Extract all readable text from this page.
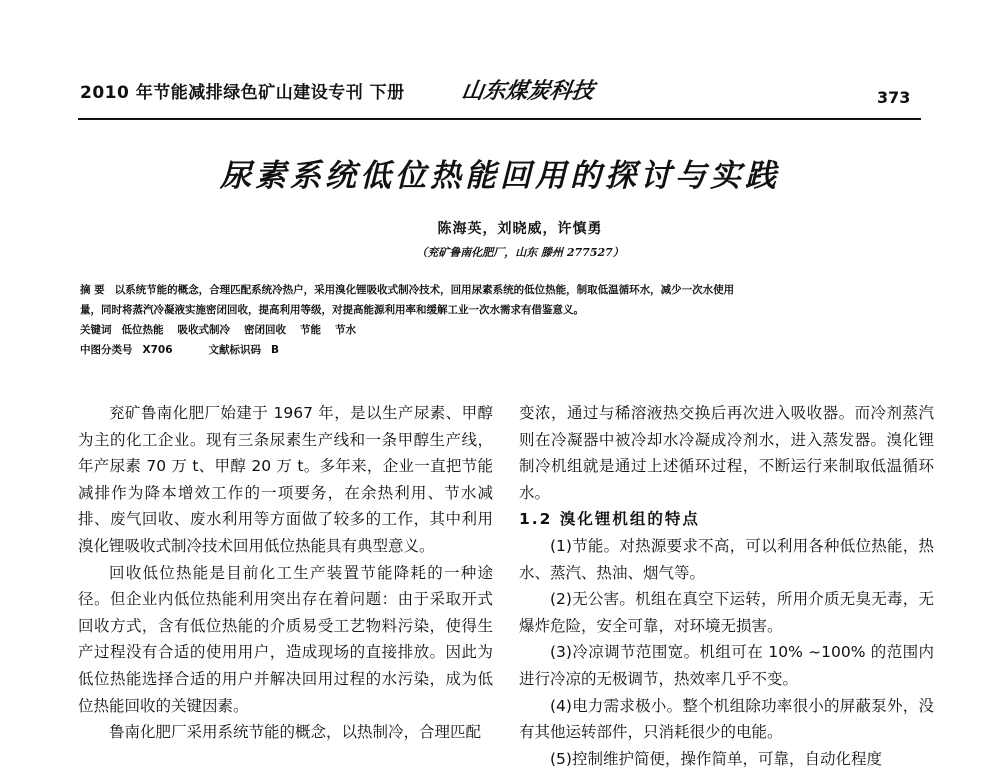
2010 年节能减排绿色矿山建设专刊 下册	山东煤炭科技	373
尿素系统低位热能回用的探讨与实践
陈海英，刘晓威，许慎勇
（兖矿鲁南化肥厂，山东 滕州 277527）
摘 要 以系统节能的概念，合理匹配系统冷热户，采用溴化锂吸收式制冷技术，回用尿素系统的低位热能，制取低温循环水，减少一次水使用
量，同时将蒸汽冷凝液实施密闭回收，提高利用等级，对提高能源利用率和缓解工业一次水需求有借鉴意义。
关键词 低位热能 吸收式制冷 密闭回收 节能 节水
中图分类号 X706	文献标识码 B

兖矿鲁南化肥厂始建于 1967 年，是以生产尿素、甲醇为主的化工企业。现有三条尿素生产线和一条甲醇生产线，年产尿素 70 万 t、甲醇 20 万 t。多年来，企业一直把节能减排作为降本增效工作的一项要务，在余热利用、节水减排、废气回收、废水利用等方面做了较多的工作，其中利用溴化锂吸收式制冷技术回用低位热能具有典型意义。

回收低位热能是目前化工生产装置节能降耗的一种途径。但企业内低位热能利用突出存在着问题：由于采取开式回收方式，含有低位热能的介质易受工艺物料污染，使得生产过程没有合适的使用用户，造成现场的直接排放。因此为低位热能选择合适的用户并解决回用过程的水污染，成为低位热能回收的关键因素。

鲁南化肥厂采用系统节能的概念，以热制冷，合理匹配

变浓，通过与稀溶液热交换后再次进入吸收器。而冷剂蒸汽则在冷凝器中被冷却水冷凝成冷剂水，进入蒸发器。溴化锂制冷机组就是通过上述循环过程，不断运行来制取低温循环水。

1.2 溴化锂机组的特点

(1)节能。对热源要求不高，可以利用各种低位热能，热水、蒸汽、热油、烟气等。

(2)无公害。机组在真空下运转，所用介质无臭无毒，无爆炸危险，安全可靠，对环境无损害。

(3)冷凉调节范围宽。机组可在 10% ~100% 的范围内进行冷凉的无极调节，热效率几乎不变。

(4)电力需求极小。整个机组除功率很小的屏蔽泵外，没有其他运转部件，只消耗很少的电能。

(5)控制维护简便，操作简单，可靠，自动化程度
